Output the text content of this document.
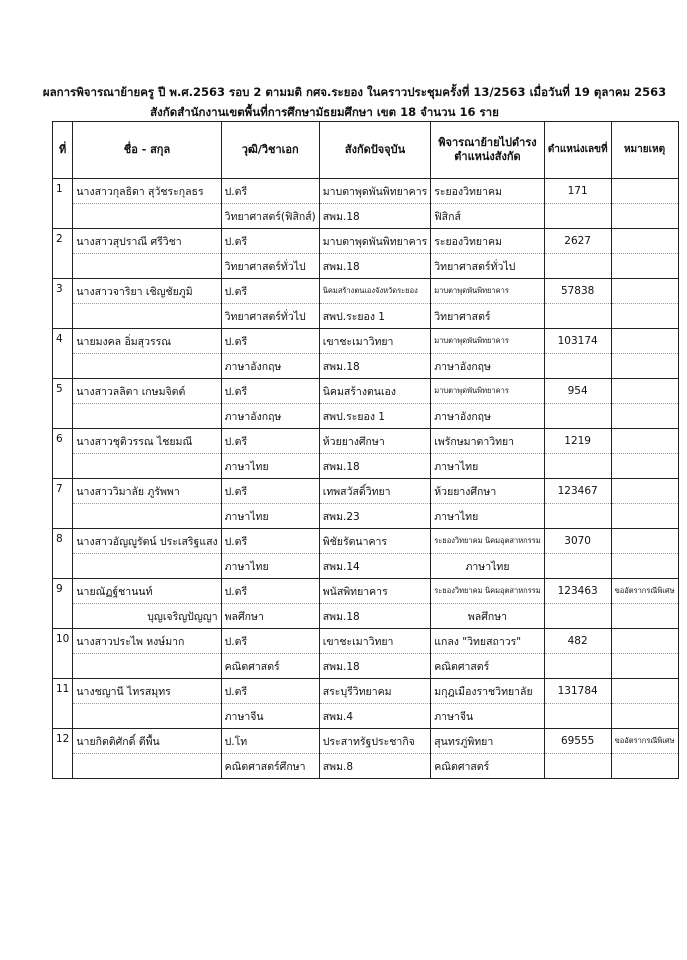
ผลการพิจารณาย้ายครู ปี พ.ศ.2563 รอบ 2 ตามมติ กศจ.ระยอง ในคราวประชุมครั้งที่ 13/2563 เมื่อวันที่ 19 ตุลาคม 2563
สังกัดสำนักงานเขตพื้นที่การศึกษามัธยมศึกษา เขต 18 จำนวน 16 ราย
ที่	ชื่อ - สกุล	วุฒิ/วิชาเอก	สังกัดปัจจุบัน	พิจารณาย้ายไปดำรงตำแหน่งสังกัด	ตำแหน่งเลขที่	หมายเหตุ
1	นางสาวกุลธิดา สุวัชระกุลธร	ป.ตรี	มาบตาพุดพันพิทยาคาร	ระยองวิทยาคม	171	
		วิทยาศาสตร์(ฟิสิกส์)	สพม.18	ฟิสิกส์		
2	นางสาวสุปราณี ศรีวิชา	ป.ตรี	มาบตาพุดพันพิทยาคาร	ระยองวิทยาคม	2627	
		วิทยาศาสตร์ทั่วไป	สพม.18	วิทยาศาสตร์ทั่วไป		
3	นางสาวจาริยา เชิญชัยภูมิ	ป.ตรี	นิคมสร้างตนเองจังหวัดระยอง	มาบตาพุดพันพิทยาคาร	57838	
		วิทยาศาสตร์ทั่วไป	สพป.ระยอง 1	วิทยาศาสตร์		
4	นายมงคล อิ่มสุวรรณ	ป.ตรี	เขาชะเมาวิทยา	มาบตาพุดพันพิทยาคาร	103174	
		ภาษาอังกฤษ	สพม.18	ภาษาอังกฤษ		
5	นางสาวลลิตา เกษมจิตต์	ป.ตรี	นิคมสร้างตนเอง	มาบตาพุดพันพิทยาคาร	954	
		ภาษาอังกฤษ	สพป.ระยอง 1	ภาษาอังกฤษ		
6	นางสาวชุติวรรณ ไชยมณี	ป.ตรี	ห้วยยางศึกษา	เพรักษมาตาวิทยา	1219	
		ภาษาไทย	สพม.18	ภาษาไทย		
7	นางสาววิมาลัย ภูรัพพา	ป.ตรี	เทพสวัสดิ์วิทยา	ห้วยยางศึกษา	123467	
		ภาษาไทย	สพม.23	ภาษาไทย		
8	นางสาวอัญญูรัตน์ ประเสริฐแสง	ป.ตรี	พิชัยรัตนาคาร	ระยองวิทยาคม นิคมอุตสาหกรรม	3070	
		ภาษาไทย	สพม.14	ภาษาไทย		
9	นายณัฏฐ์ชานนท์	ป.ตรี	พนัสพิทยาคาร	ระยองวิทยาคม นิคมอุตสาหกรรม	123463	ขออัตรากรณีพิเศษ
	บุญเจริญปัญญา	พลศึกษา	สพม.18	พลศึกษา		
10	นางสาวประไพ หงษ์มาก	ป.ตรี	เขาชะเมาวิทยา	แกลง "วิทยสถาวร"	482	
		คณิตศาสตร์	สพม.18	คณิตศาสตร์		
11	นางชญานี ไทรสมุทร	ป.ตรี	สระบุรีวิทยาคม	มกุฎเมืองราชวิทยาลัย	131784	
		ภาษาจีน	สพม.4	ภาษาจีน		
12	นายกิตติศักดิ์ ตีพื้น	ป.โท	ประสาทรัฐประชากิจ	สุนทรภู่พิทยา	69555	ขออัตรากรณีพิเศษ
		คณิตศาสตร์ศึกษา	สพม.8	คณิตศาสตร์		
